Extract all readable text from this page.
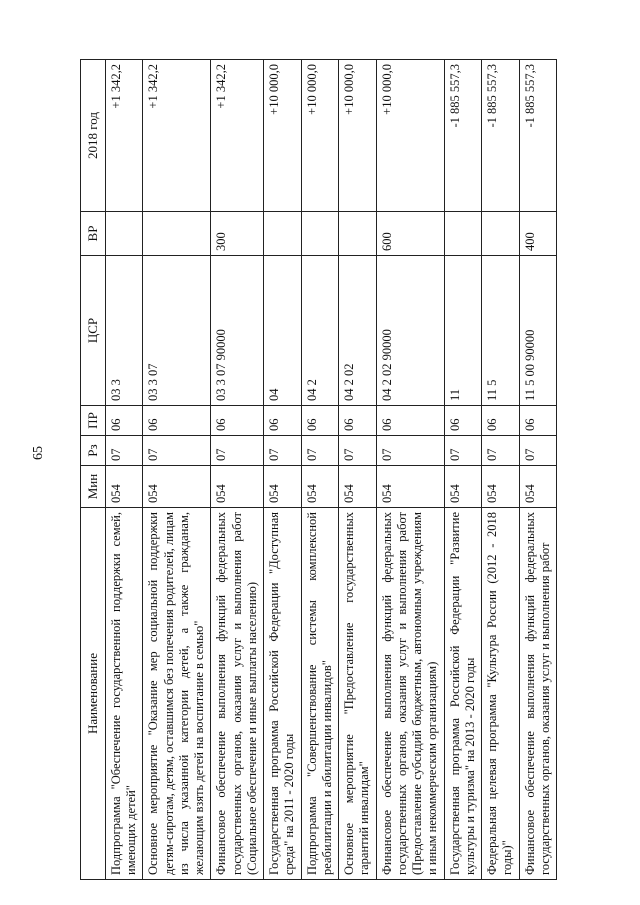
65
Наименование	Мин	Рз	ПР	ЦСР	ВР	2018 год
Подпрограмма "Обеспечение государственной поддержки семей, имеющих детей"	054	07	06	03 3		+1 342,2
Основное мероприятие "Оказание мер социальной поддержки детям-сиротам, детям, оставшимся без попечения родителей, лицам из числа указанной категории детей, а также гражданам, желающим взять детей на воспитание в семью"	054	07	06	03 3 07		+1 342,2
Финансовое обеспечение выполнения функций федеральных государственных органов, оказания услуг и выполнения работ (Социальное обеспечение и иные выплаты населению)	054	07	06	03 3 07 90000	300	+1 342,2
Государственная программа Российской Федерации "Доступная среда" на 2011 - 2020 годы	054	07	06	04		+10 000,0
Подпрограмма "Совершенствование системы комплексной реабилитации и абилитации инвалидов"	054	07	06	04 2		+10 000,0
Основное мероприятие "Предоставление государственных гарантий инвалидам"	054	07	06	04 2 02		+10 000,0
Финансовое обеспечение выполнения функций федеральных государственных органов, оказания услуг и выполнения работ (Предоставление субсидий бюджетным, автономным учреждениям и иным некоммерческим организациям)	054	07	06	04 2 02 90000	600	+10 000,0
Государственная программа Российской Федерации "Развитие культуры и туризма" на 2013 - 2020 годы	054	07	06	11		-1 885 557,3
Федеральная целевая программа "Культура России (2012 - 2018 годы)"	054	07	06	11 5		-1 885 557,3
Финансовое обеспечение выполнения функций федеральных государственных органов, оказания услуг и выполнения работ	054	07	06	11 5 00 90000	400	-1 885 557,3
